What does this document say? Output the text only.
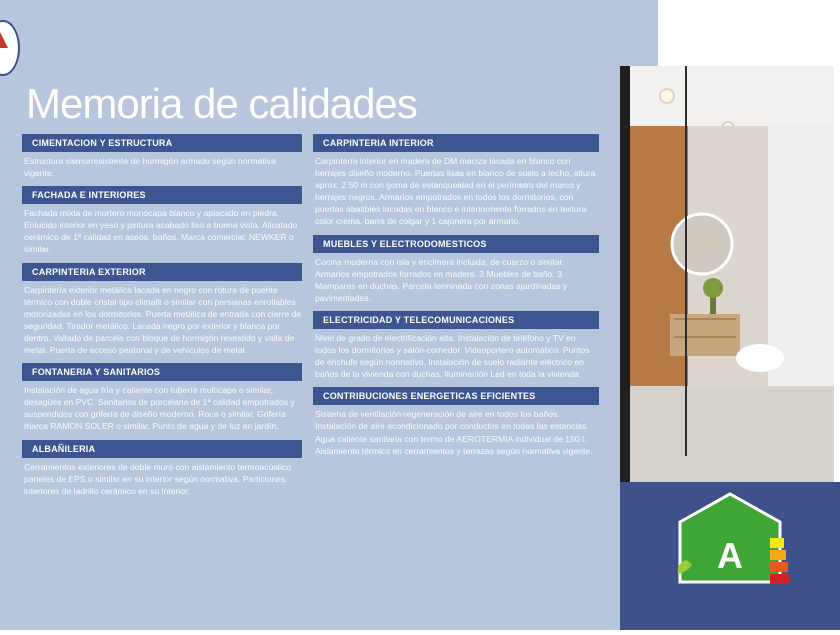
Memoria de calidades
CIMENTACION Y ESTRUCTURA
Estructura sismorresistente de hormigón armado según normativa vigente.
FACHADA E INTERIORES
Fachada mixta de mortero monocapa blanco y aplacado en piedra. Enlucido interior en yeso y pintura acabado liso a buena vista. Alicatado cerámico de 1ª calidad en aseos, baños. Marca comercial: NEWKER o similar.
CARPINTERIA EXTERIOR
Carpintería exterior metálica lacada en negro con rotura de puente térmico con doble cristal tipo climalit o similar con persianas enrollables motorizadas en los dormitorios. Puerta metálica de entrada con cierre de seguridad. Tirador metálico. Lacada negro por exterior y blanca por dentro. Vallado de parcela con bloque de hormigón revestido y valla de metal. Puerta de acceso peatonal y de vehículos de metal.
FONTANERIA Y SANITARIOS
Instalación de agua fría y caliente con tubería multicapa o similar, desagües en PVC. Sanitarios de porcelana de 1ª calidad empotrados y suspendidos con grifería de diseño moderno. Roca o similar. Grifería marca RAMON SOLER o similar. Punto de agua y de luz en jardín.
ALBAÑILERIA
Cerramientos exteriores de doble muro con aislamiento termoacústico paneles de EPS o similar en su interior según normativa. Particiones interiores de ladrillo cerámico en su interior.
CARPINTERIA INTERIOR
Carpintería interior en madera de DM maciza lacada en blanco con herrajes diseño moderno. Puertas lisas en blanco de suelo a techo, altura aprox: 2.50 m con goma de estanqueidad en el perímetro del marco y herrajes negros. Armarios empotrados en todos los dormitorios, con puertas abatibles lacadas en blanco e interiormente forrados en textura color crema, barra de colgar y 1 cajonera por armario.
MUEBLES Y ELECTRODOMESTICOS
Cocina moderna con isla y encimera incluida, de cuarzo o similar. Armarios empotrados forrados en madera. 3 Muebles de baño. 3 Mamparas en duchas. Parcela terminada con zonas ajardinadas y pavimentadas.
ELECTRICIDAD Y TELECOMUNICACIONES
Nivel de grado de electrificación alta. Instalación de teléfono y TV en todos los dormitorios y salón-comedor. Videoportero automático. Puntos de enchufe según normativo. Instalación de suelo radiante eléctrico en baños de la vivienda con duchas. Iluminación Led en toda la vivienda.
CONTRIBUCIONES ENERGETICAS EFICIENTES
Sistema de ventilación-regeneración de aire en todos los baños. Instalación de aire acondicionado por conductos en todas las estancias. Agua caliente sanitaria con termo de AEROTERMIA individual de 150 l. Aislamiento térmico en cerramientos y terrazas según normativa vigente.
A
